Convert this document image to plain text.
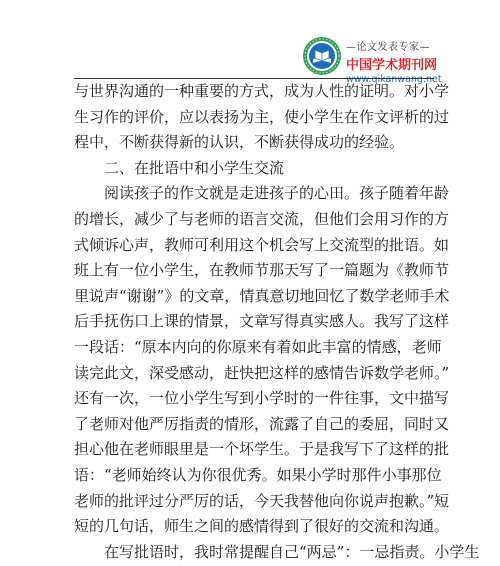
—论文发表专家—
中国学术期刊网
www.qikanwang.net
与世界沟通的一种重要的方式，成为人性的证明。对小学
生习作的评价，应以表扬为主，使小学生在作文评析的过
程中，不断获得新的认识，不断获得成功的经验。
　　二、在批语中和小学生交流
　　阅读孩子的作文就是走进孩子的心田。孩子随着年龄
的增长，减少了与老师的语言交流，但他们会用习作的方
式倾诉心声，教师可利用这个机会写上交流型的批语。如
班上有一位小学生，在教师节那天写了一篇题为《教师节
里说声“谢谢”》的文章，情真意切地回忆了数学老师手术
后手抚伤口上课的情景，文章写得真实感人。我写了这样
一段话：“原本内向的你原来有着如此丰富的情感，老师
读完此文，深受感动，赶快把这样的感情告诉数学老师。”
还有一次，一位小学生写到小学时的一件往事，文中描写
了老师对他严厉指责的情形，流露了自己的委屈，同时又
担心他在老师眼里是一个坏学生。于是我写下了这样的批
语：“老师始终认为你很优秀。如果小学时那件小事那位
老师的批评过分严厉的话，今天我替他向你说声抱歉。”短
短的几句话，师生之间的感情得到了很好的交流和沟通。
　　在写批语时，我时常提醒自己“两忌”：一忌指责。小学生
